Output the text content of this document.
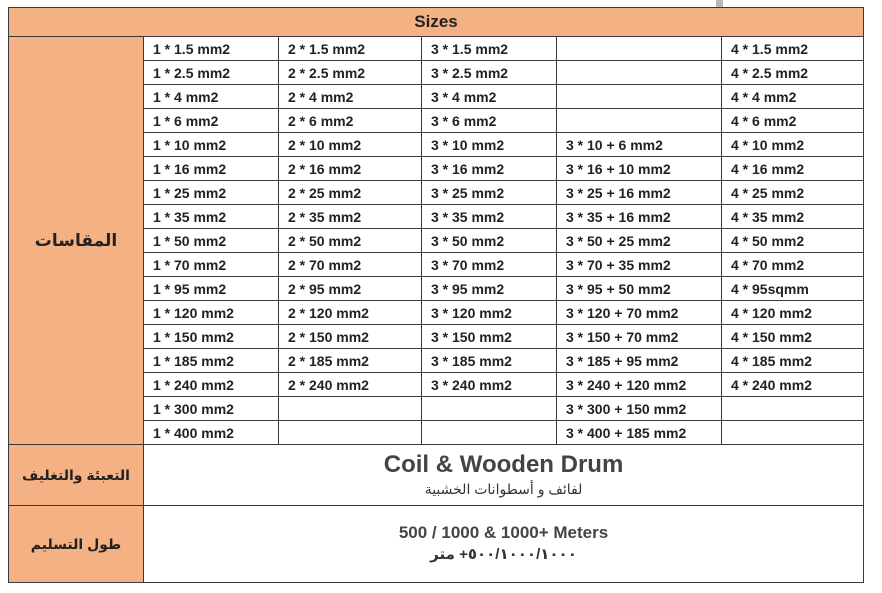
Sizes					
المقاسات	1 * 1.5 mm2	2 * 1.5 mm2	3 * 1.5 mm2		4 * 1.5 mm2
	1 * 2.5 mm2	2 * 2.5 mm2	3 * 2.5 mm2		4 * 2.5 mm2
	1 * 4 mm2	2 * 4 mm2	3 * 4 mm2		4 * 4 mm2
	1 * 6 mm2	2 * 6 mm2	3 * 6 mm2		4 * 6 mm2
	1 * 10 mm2	2 * 10 mm2	3 * 10 mm2	3 * 10 + 6 mm2	4 * 10 mm2
	1 * 16 mm2	2 * 16 mm2	3 * 16 mm2	3 * 16 + 10 mm2	4 * 16 mm2
	1 * 25 mm2	2 * 25 mm2	3 * 25 mm2	3 * 25 + 16 mm2	4 * 25 mm2
	1 * 35 mm2	2 * 35 mm2	3 * 35 mm2	3 * 35 + 16 mm2	4 * 35 mm2
	1 * 50 mm2	2 * 50 mm2	3 * 50 mm2	3 * 50 + 25 mm2	4 * 50 mm2
	1 * 70 mm2	2 * 70 mm2	3 * 70 mm2	3 * 70 + 35 mm2	4 * 70 mm2
	1 * 95 mm2	2 * 95 mm2	3 * 95 mm2	3 * 95 + 50 mm2	4 * 95sqmm
	1 * 120 mm2	2 * 120 mm2	3 * 120 mm2	3 * 120 + 70 mm2	4 * 120 mm2
	1 * 150 mm2	2 * 150 mm2	3 * 150 mm2	3 * 150 + 70 mm2	4 * 150 mm2
	1 * 185 mm2	2 * 185 mm2	3 * 185 mm2	3 * 185 + 95 mm2	4 * 185 mm2
	1 * 240 mm2	2 * 240 mm2	3 * 240 mm2	3 * 240 + 120 mm2	4 * 240 mm2
	1 * 300 mm2			3 * 300 + 150 mm2	
	1 * 400 mm2			3 * 400 + 185 mm2	
التعبئة والتغليف	Coil & Wooden Drum
لفائف و أسطوانات الخشبية				

طول التسليم	500 / 1000 & 1000+ Meters
٥٠٠/١٠٠٠/١٠٠٠+ متر				
